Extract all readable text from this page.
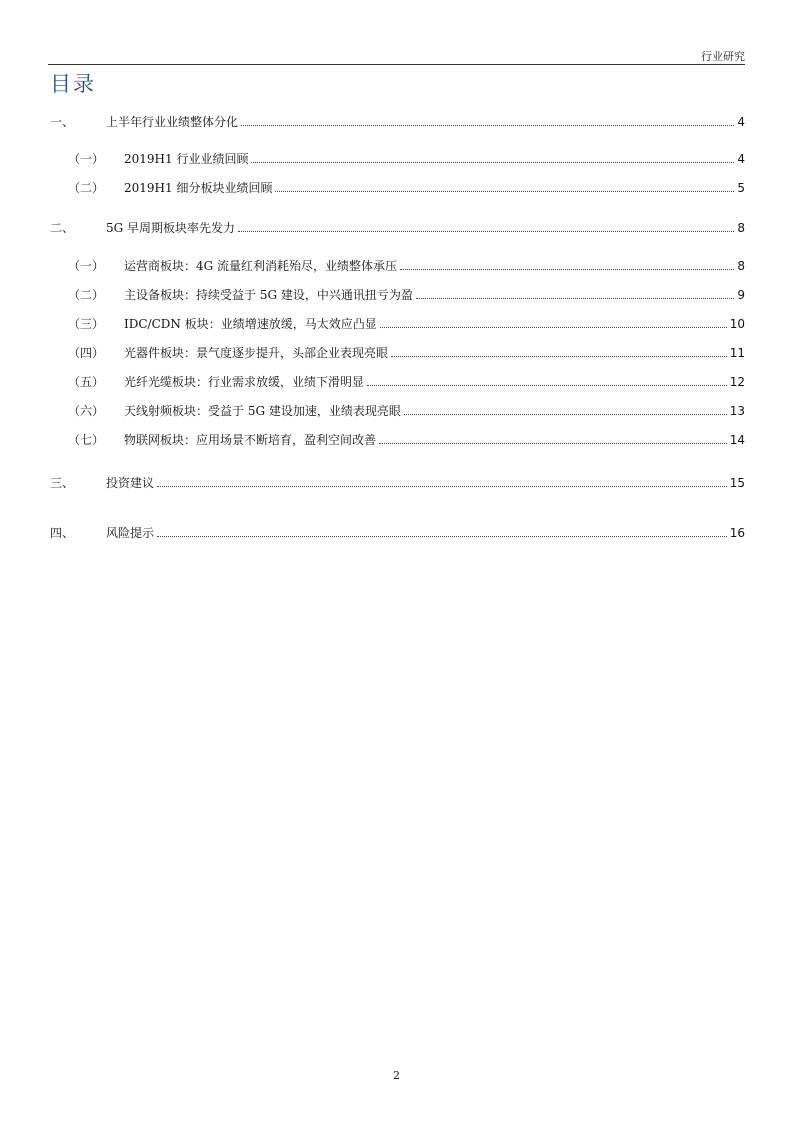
行业研究
目录
一、	上半年行业业绩整体分化	4
（一）	2019H1 行业业绩回顾	4
（二）	2019H1 细分板块业绩回顾	5
二、	5G 早周期板块率先发力	8
（一）	运营商板块：4G 流量红利消耗殆尽，业绩整体承压	8
（二）	主设备板块：持续受益于 5G 建设，中兴通讯扭亏为盈	9
（三）	IDC/CDN 板块：业绩增速放缓，马太效应凸显	10
（四）	光器件板块：景气度逐步提升，头部企业表现亮眼	11
（五）	光纤光缆板块：行业需求放缓，业绩下滑明显	12
（六）	天线射频板块：受益于 5G 建设加速，业绩表现亮眼	13
（七）	物联网板块：应用场景不断培育，盈利空间改善	14
三、	投资建议	15
四、	风险提示	16
2
